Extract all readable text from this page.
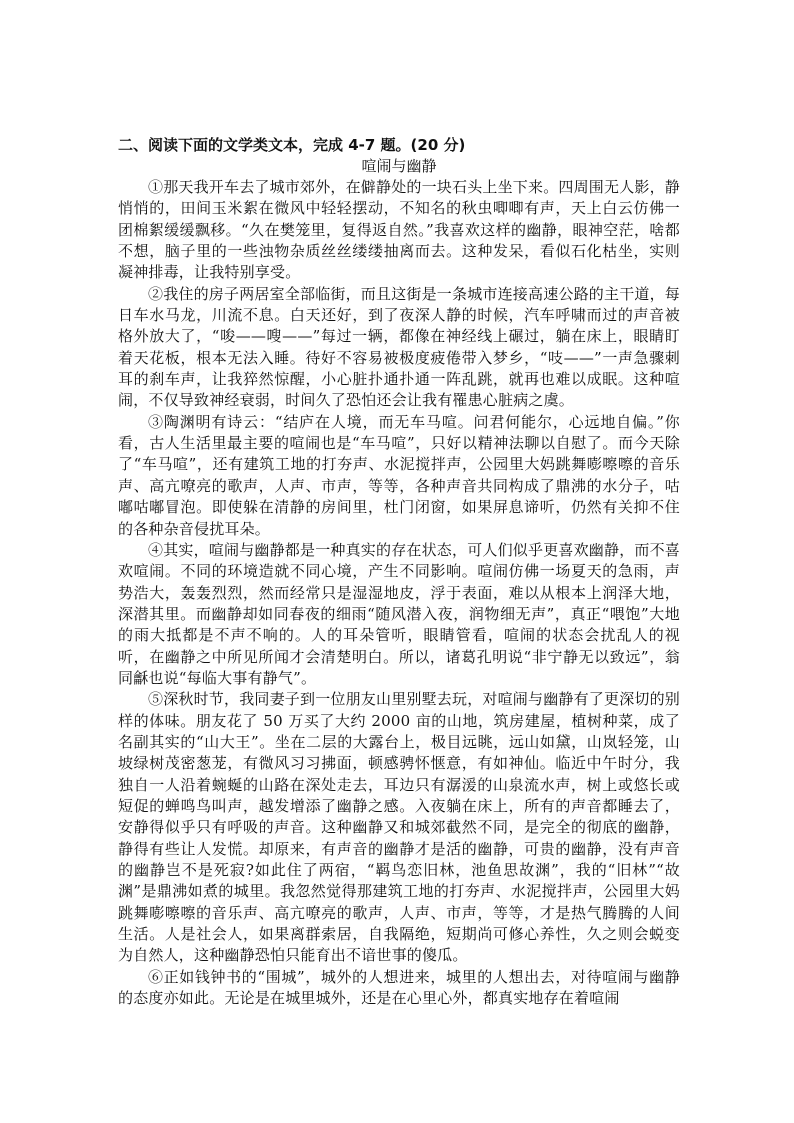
二、阅读下面的文学类文本，完成 4-7 题。(20 分)

喧闹与幽静

①那天我开车去了城市郊外，在僻静处的一块石头上坐下来。四周围无人影，静悄悄的，田间玉米絮在微风中轻轻摆动，不知名的秋虫唧唧有声，天上白云仿佛一团棉絮缓缓飘移。“久在樊笼里，复得返自然。”我喜欢这样的幽静，眼神空茫，啥都不想，脑子里的一些浊物杂质丝丝缕缕抽离而去。这种发呆，看似石化枯坐，实则凝神排毒，让我特别享受。

②我住的房子两居室全部临街，而且这街是一条城市连接高速公路的主干道，每日车水马龙，川流不息。白天还好，到了夜深人静的时候，汽车呼啸而过的声音被格外放大了，“唆——嗖——”每过一辆，都像在神经线上碾过，躺在床上，眼睛盯着天花板，根本无法入睡。待好不容易被极度疲倦带入梦乡，“吱——”一声急骤刺耳的刹车声，让我猝然惊醒，小心脏扑通扑通一阵乱跳，就再也难以成眠。这种喧闹，不仅导致神经衰弱，时间久了恐怕还会让我有罹患心脏病之虞。

③陶渊明有诗云：“结庐在人境，而无车马喧。问君何能尔，心远地自偏。”你看，古人生活里最主要的喧闹也是“车马喧”，只好以精神法聊以自慰了。而今天除了“车马喧”，还有建筑工地的打夯声、水泥搅拌声，公园里大妈跳舞嘭嚓嚓的音乐声、高亢嘹亮的歌声，人声、市声，等等，各种声音共同构成了鼎沸的水分子，咕嘟咕嘟冒泡。即使躲在清静的房间里，杜门闭窗，如果屏息谛听，仍然有关抑不住的各种杂音侵扰耳朵。

④其实，喧闹与幽静都是一种真实的存在状态，可人们似乎更喜欢幽静，而不喜欢喧闹。不同的环境造就不同心境，产生不同影响。喧闹仿佛一场夏天的急雨，声势浩大，轰轰烈烈，然而经常只是湿湿地皮，浮于表面，难以从根本上润泽大地，深潜其里。而幽静却如同春夜的细雨“随风潜入夜，润物细无声”，真正“喂饱”大地的雨大抵都是不声不响的。人的耳朵管听，眼睛管看，喧闹的状态会扰乱人的视听，在幽静之中所见所闻才会清楚明白。所以，诸葛孔明说“非宁静无以致远”，翁同龢也说“每临大事有静气”。

⑤深秋时节，我同妻子到一位朋友山里别墅去玩，对喧闹与幽静有了更深切的别样的体味。朋友花了 50 万买了大约 2000 亩的山地，筑房建屋，植树种菜，成了名副其实的“山大王”。坐在二层的大露台上，极目远眺，远山如黛，山岚轻笼，山坡绿树茂密葱茏，有微风习习拂面，顿感骋怀惬意，有如神仙。临近中午时分，我独自一人沿着蜿蜒的山路在深处走去，耳边只有潺湲的山泉流水声，树上或悠长或短促的蝉鸣鸟叫声，越发增添了幽静之感。入夜躺在床上，所有的声音都睡去了，安静得似乎只有呼吸的声音。这种幽静又和城郊截然不同，是完全的彻底的幽静，静得有些让人发慌。却原来，有声音的幽静才是活的幽静，可贵的幽静，没有声音的幽静岂不是死寂?如此住了两宿，“羁鸟恋旧林，池鱼思故渊”，我的“旧林”“故渊”是鼎沸如煮的城里。我忽然觉得那建筑工地的打夯声、水泥搅拌声，公园里大妈跳舞嘭嚓嚓的音乐声、高亢嘹亮的歌声，人声、市声，等等，才是热气腾腾的人间生活。人是社会人，如果离群索居，自我隔绝，短期尚可修心养性，久之则会蜕变为自然人，这种幽静恐怕只能育出不谙世事的傻瓜。

⑥正如钱钟书的“围城”，城外的人想进来，城里的人想出去，对待喧闹与幽静的态度亦如此。无论是在城里城外，还是在心里心外，都真实地存在着喧闹
